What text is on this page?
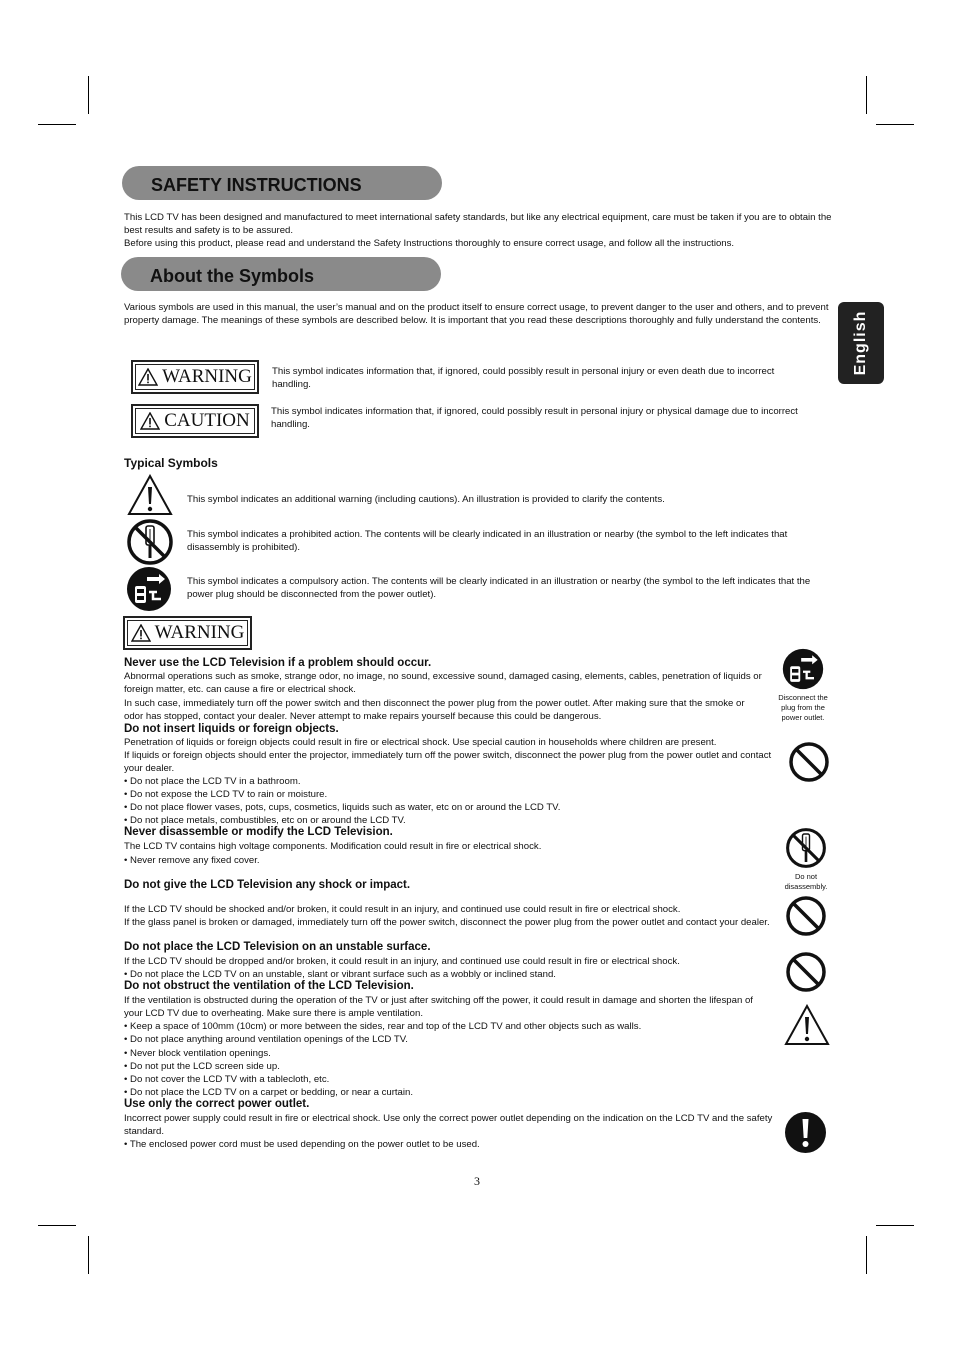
English
SAFETY INSTRUCTIONS

This LCD TV has been designed and manufactured to meet international safety standards, but like any electrical equipment, care must be taken if you are to obtain the best results and safety is to be assured.

Before using this product, please read and understand the Safety Instructions thoroughly to ensure correct usage, and follow all the instructions.

About the Symbols

Various symbols are used in this manual, the user’s manual and on the product itself to ensure correct usage, to prevent danger to the user and others, and to prevent property damage. The meanings of these symbols are described below. It is important that you read these descriptions thoroughly and fully understand the contents.

WARNING This symbol indicates information that, if ignored, could possibly result in personal injury or even death due to incorrect handling.
CAUTION This symbol indicates information that, if ignored, could possibly result in personal injury or physical damage due to incorrect handling.
Typical Symbols
This symbol indicates an additional warning (including cautions). An illustration is provided to clarify the contents.
This symbol indicates a prohibited action. The contents will be clearly indicated in an illustration or nearby (the symbol to the left indicates that disassembly is prohibited).
This symbol indicates a compulsory action. The contents will be clearly indicated in an illustration or nearby (the symbol to the left indicates that the power plug should be disconnected from the power outlet).
WARNING
Never use the LCD Television if a problem should occur.
Abnormal operations such as smoke, strange odor, no image, no sound, excessive sound, damaged casing, elements, cables, penetration of liquids or foreign matter, etc. can cause a fire or electrical shock.
In such case, immediately turn off the power switch and then disconnect the power plug from the power outlet. After making sure that the smoke or odor has stopped, contact your dealer. Never attempt to make repairs yourself because this could be dangerous.
Do not insert liquids or foreign objects.
Penetration of liquids or foreign objects could result in fire or electrical shock. Use special caution in households where children are present.
If liquids or foreign objects should enter the projector, immediately turn off the power switch, disconnect the power plug from the power outlet and contact your dealer.
• Do not place the LCD TV in a bathroom.
• Do not expose the LCD TV to rain or moisture.
• Do not place flower vases, pots, cups, cosmetics, liquids such as water, etc on or around the LCD TV.
• Do not place metals, combustibles, etc on or around the LCD TV.
Never disassemble or modify the LCD Television.
The LCD TV contains high voltage components. Modification could result in fire or electrical shock.
• Never remove any fixed cover.
Do not give the LCD Television any shock or impact.
If the LCD TV should be shocked and/or broken, it could result in an injury, and continued use could result in fire or electrical shock.
If the glass panel is broken or damaged, immediately turn off the power switch, disconnect the power plug from the power outlet and contact your dealer.
Do not place the LCD Television on an unstable surface.
If the LCD TV should be dropped and/or broken, it could result in an injury, and continued use could result in fire or electrical shock.
• Do not place the LCD TV on an unstable, slant or vibrant surface such as a wobbly or inclined stand.
Do not obstruct the ventilation of the LCD Television.
If the ventilation is obstructed during the operation of the TV or just after switching off the power, it could result in damage and shorten the lifespan of your LCD TV due to overheating. Make sure there is ample ventilation.
• Keep a space of 100mm (10cm) or more between the sides, rear and top of the LCD TV and other objects such as walls.
• Do not place anything around ventilation openings of the LCD TV.
• Never block ventilation openings.
• Do not put the LCD screen side up.
• Do not cover the LCD TV with a tablecloth, etc.
• Do not place the LCD TV on a carpet or bedding, or near a curtain.
Use only the correct power outlet.
Incorrect power supply could result in fire or electrical shock. Use only the correct power outlet depending on the indication on the LCD TV and the safety standard.
• The enclosed power cord must be used depending on the power outlet to be used.
Disconnect the plug from the power outlet.
Do not disassembly.
3
